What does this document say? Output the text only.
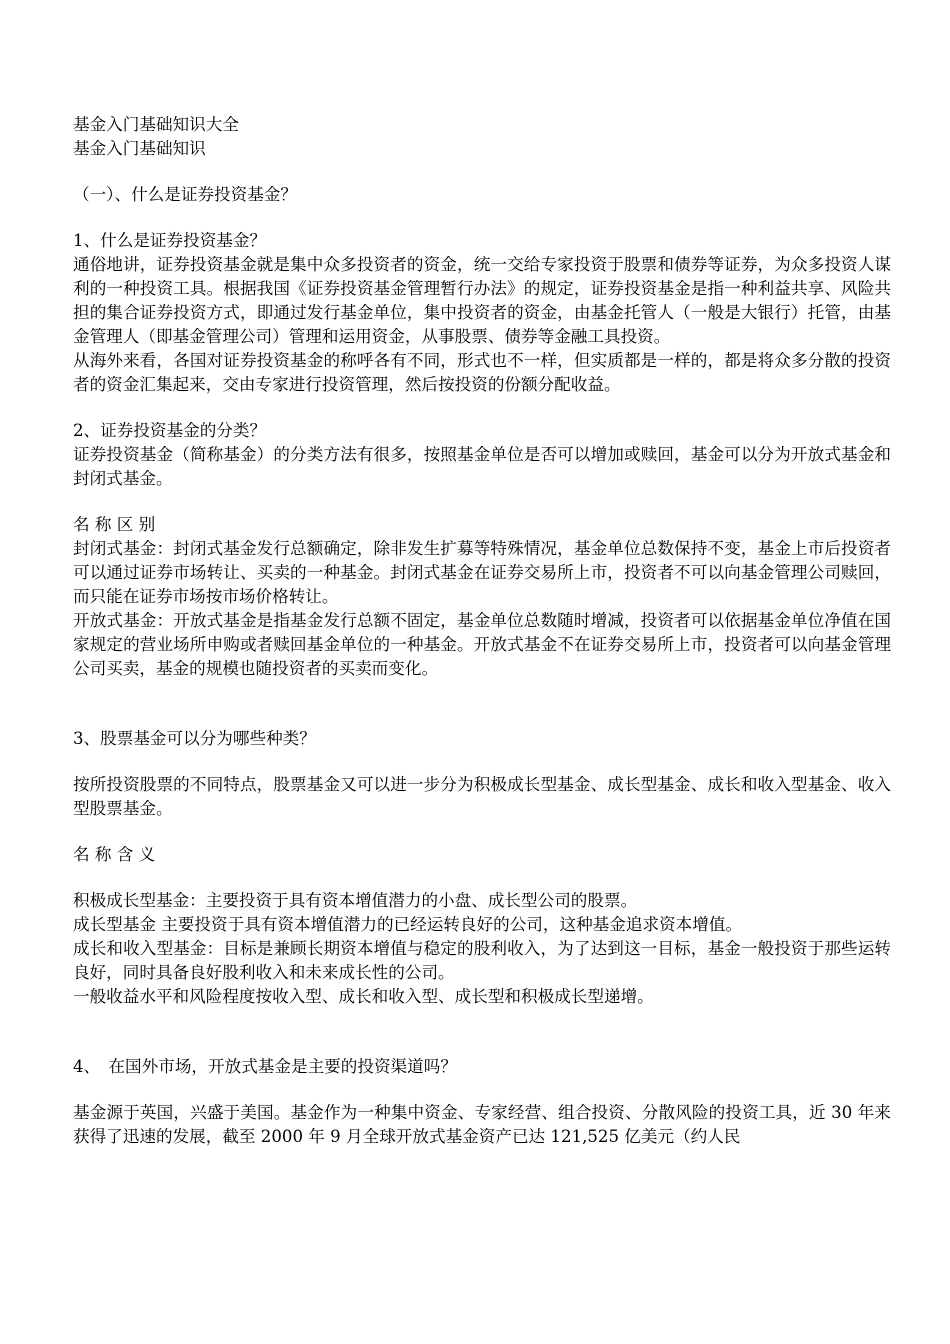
基金入门基础知识大全
基金入门基础知识
（一）、什么是证券投资基金？
1、什么是证券投资基金？
通俗地讲，证券投资基金就是集中众多投资者的资金，统一交给专家投资于股票和债券等证券，为众多投资人谋利的一种投资工具。根据我国《证券投资基金管理暂行办法》的规定，证券投资基金是指一种利益共享、风险共担的集合证券投资方式，即通过发行基金单位，集中投资者的资金，由基金托管人（一般是大银行）托管，由基金管理人（即基金管理公司）管理和运用资金，从事股票、债券等金融工具投资。
从海外来看，各国对证券投资基金的称呼各有不同，形式也不一样，但实质都是一样的，都是将众多分散的投资者的资金汇集起来，交由专家进行投资管理，然后按投资的份额分配收益。
2、证券投资基金的分类？
证券投资基金（简称基金）的分类方法有很多，按照基金单位是否可以增加或赎回，基金可以分为开放式基金和封闭式基金。
名 称 区 别
封闭式基金：封闭式基金发行总额确定，除非发生扩募等特殊情况，基金单位总数保持不变，基金上市后投资者可以通过证券市场转让、买卖的一种基金。封闭式基金在证券交易所上市，投资者不可以向基金管理公司赎回，而只能在证券市场按市场价格转让。
开放式基金：开放式基金是指基金发行总额不固定，基金单位总数随时增减，投资者可以依据基金单位净值在国家规定的营业场所申购或者赎回基金单位的一种基金。开放式基金不在证券交易所上市，投资者可以向基金管理公司买卖，基金的规模也随投资者的买卖而变化。
3、股票基金可以分为哪些种类？
按所投资股票的不同特点，股票基金又可以进一步分为积极成长型基金、成长型基金、成长和收入型基金、收入型股票基金。
名 称 含 义
积极成长型基金：主要投资于具有资本增值潜力的小盘、成长型公司的股票。
成长型基金 主要投资于具有资本增值潜力的已经运转良好的公司，这种基金追求资本增值。
成长和收入型基金：目标是兼顾长期资本增值与稳定的股利收入，为了达到这一目标，基金一般投资于那些运转良好，同时具备良好股利收入和未来成长性的公司。
一般收益水平和风险程度按收入型、成长和收入型、成长型和积极成长型递增。
4、　在国外市场，开放式基金是主要的投资渠道吗？
基金源于英国，兴盛于美国。基金作为一种集中资金、专家经营、组合投资、分散风险的投资工具，近 30 年来获得了迅速的发展，截至 2000 年 9 月全球开放式基金资产已达 121,525 亿美元（约人民
